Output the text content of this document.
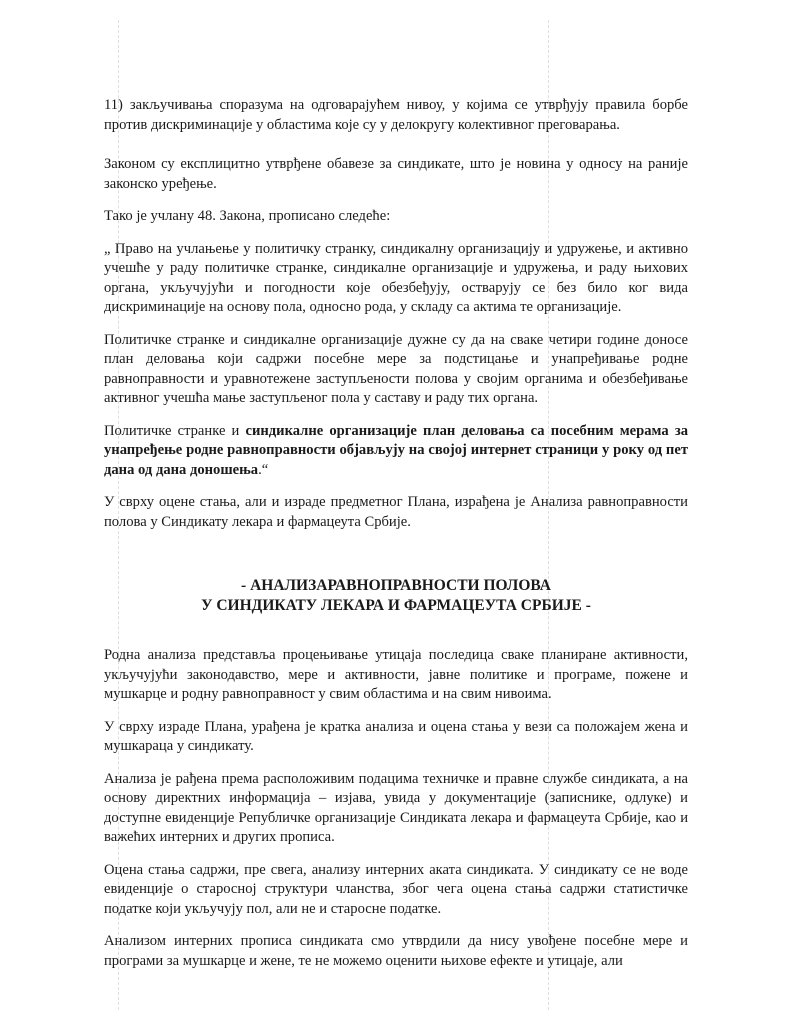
11) закључивања споразума на одговарајућем нивоу, у којима се утврђују правила борбе против дискриминације у областима које су у делокругу колективног преговарања.

Законом су експлицитно утврђене обавезе за синдикате, што је новина у односу на раније законско уређење.

Тако је учлану 48. Закона, прописано следеће:

„ Право на учлањење у политичку странку, синдикалну организацију и удружење, и активно учешће у раду политичке странке, синдикалне организације и удружења, и раду њихових органа, укључујући и погодности које обезбеђују, остварују се без било ког вида дискриминације на основу пола, односно рода, у складу са актима те организације.

Политичке странке и синдикалне организације дужне су да на сваке четири године доносе план деловања који садржи посебне мере за подстицање и унапређивање родне равноправности и уравнотежене заступљености полова у својим органима и обезбеђивање активног учешћа мање заступљеног пола у саставу и раду тих органа.

Политичке странке и синдикалне организације план деловања са посебним мерама за унапређење родне равноправности објављују на својој интернет страници у року од пет дана од дана доношења.“

У сврху оцене стања, али и израде предметног Плана, израђена је Анализа равноправности полова у Синдикату лекара и фармацеута Србије.

- АНАЛИЗАРАВНОПРАВНОСТИ ПОЛОВА
У СИНДИКАТУ ЛЕКАРА И ФАРМАЦЕУТА СРБИЈЕ -

Родна анализа представља процењивање утицаја последица сваке планиране активности, укључујући законодавство, мере и активности, јавне политике и програме, пожене и мушкарце и родну равноправност у свим областима и на свим нивоима.

У сврху израде Плана, урађена је кратка анализа и оцена стања у вези са положајем жена и мушкараца у синдикату.

Анализа је рађена према расположивим подацима техничке и правне службе синдиката, а на основу директних информација – изјава, увида у документације (записнике, одлуке) и доступне евиденције Републичке организације Синдиката лекара и фармацеута Србије, као и важећих интерних и других прописа.

Оцена стања садржи, пре свега, анализу интерних аката синдиката. У синдикату се не воде евиденције о старосној структури чланства, због чега оцена стања садржи статистичке податке који укључују пол, али не и старосне податке.

Анализом интерних прописа синдиката смо утврдили да нису увођене посебне мере и програми за мушкарце и жене, те не можемо оценити њихове ефекте и утицаје, али
